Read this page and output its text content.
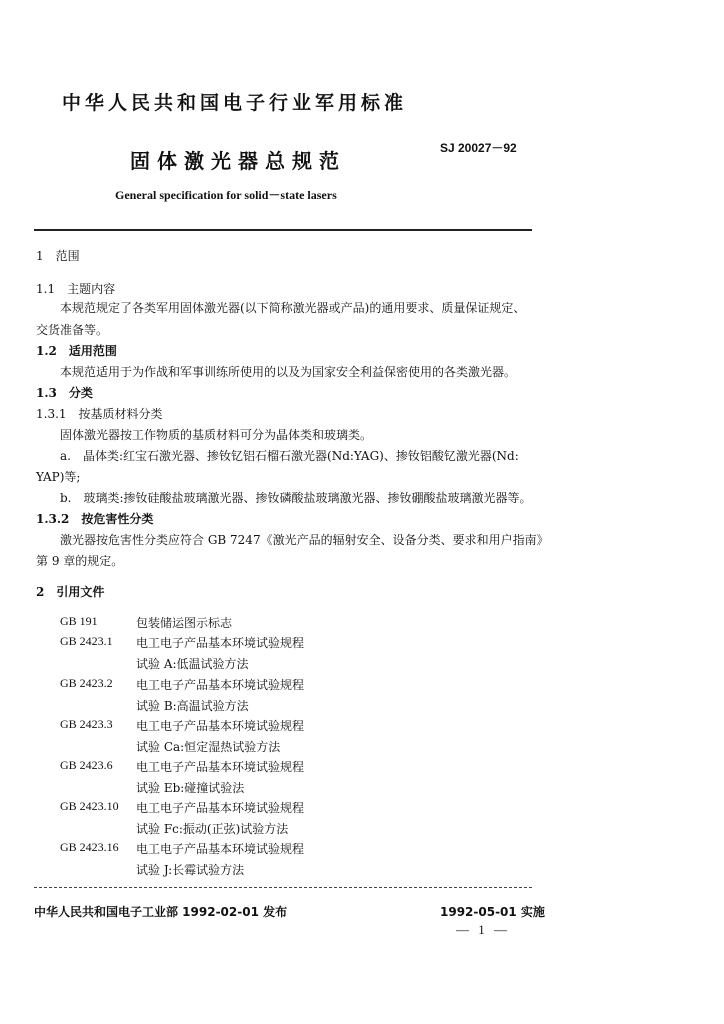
中华人民共和国电子行业军用标准
固体激光器总规范
SJ 20027－92
General specification for solid－state lasers
1　范围
1.1　主题内容
本规范规定了各类军用固体激光器(以下简称激光器或产品)的通用要求、质量保证规定、
交货准备等。
1.2　适用范围
本规范适用于为作战和军事训练所使用的以及为国家安全利益保密使用的各类激光器。
1.3　分类
1.3.1　按基质材料分类
固体激光器按工作物质的基质材料可分为晶体类和玻璃类。
a.　晶体类:红宝石激光器、掺钕钇铝石榴石激光器(Nd:YAG)、掺钕铝酸钇激光器(Nd:
YAP)等;
b.　玻璃类:掺钕硅酸盐玻璃激光器、掺钕磷酸盐玻璃激光器、掺钕硼酸盐玻璃激光器等。
1.3.2　按危害性分类
激光器按危害性分类应符合 GB 7247《激光产品的辐射安全、设备分类、要求和用户指南》
第 9 章的规定。
2　引用文件
GB 191	包装储运图示标志
GB 2423.1 电工电子产品基本环境试验规程
试验 A:低温试验方法
GB 2423.2 电工电子产品基本环境试验规程
试验 B:高温试验方法
GB 2423.3 电工电子产品基本环境试验规程
试验 Ca:恒定湿热试验方法
GB 2423.6 电工电子产品基本环境试验规程
试验 Eb:碰撞试验法
GB 2423.10 电工电子产品基本环境试验规程
试验 Fc:振动(正弦)试验方法
GB 2423.16 电工电子产品基本环境试验规程
试验 J:长霉试验方法
中华人民共和国电子工业部 1992-02-01 发布	1992-05-01 实施
— 1 —
